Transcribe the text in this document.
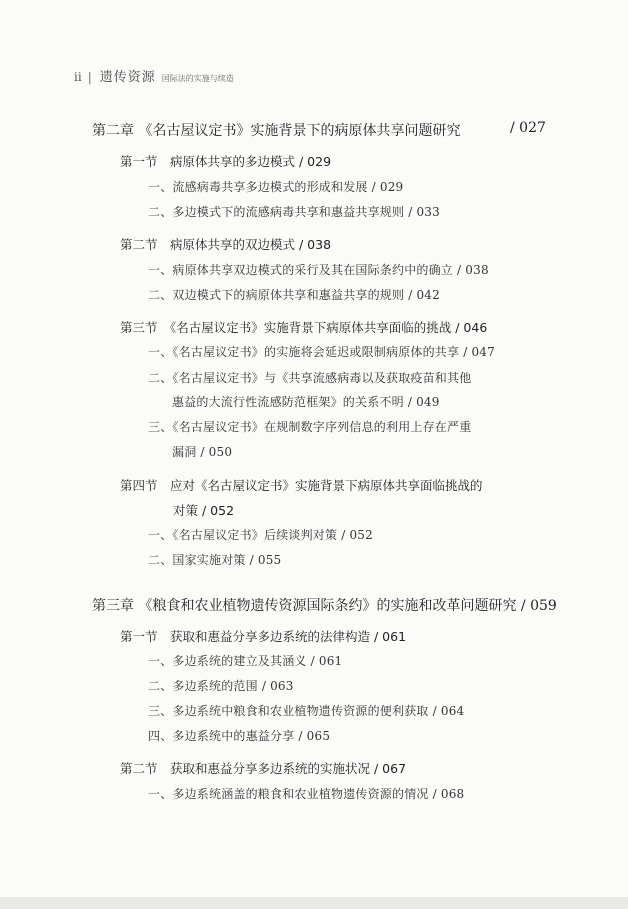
ii | 遗传资源 国际法的实施与续造
第二章 《名古屋议定书》实施背景下的病原体共享问题研究	/ 027
第一节　病原体共享的多边模式 / 029
一、流感病毒共享多边模式的形成和发展 / 029
二、多边模式下的流感病毒共享和惠益共享规则 / 033
第二节　病原体共享的双边模式 / 038
一、病原体共享双边模式的采行及其在国际条约中的确立 / 038
二、双边模式下的病原体共享和惠益共享的规则 / 042
第三节　《名古屋议定书》实施背景下病原体共享面临的挑战 / 046
一、《名古屋议定书》的实施将会延迟或限制病原体的共享 / 047
二、《名古屋议定书》与《共享流感病毒以及获取疫苗和其他
惠益的大流行性流感防范框架》的关系不明 / 049
三、《名古屋议定书》在规制数字序列信息的利用上存在严重
漏洞 / 050
第四节　应对《名古屋议定书》实施背景下病原体共享面临挑战的
对策 / 052
一、《名古屋议定书》后续谈判对策 / 052
二、国家实施对策 / 055
第三章 《粮食和农业植物遗传资源国际条约》的实施和改革问题研究 / 059
第一节　获取和惠益分享多边系统的法律构造 / 061
一、多边系统的建立及其涵义 / 061
二、多边系统的范围 / 063
三、多边系统中粮食和农业植物遗传资源的便利获取 / 064
四、多边系统中的惠益分享 / 065
第二节　获取和惠益分享多边系统的实施状况 / 067
一、多边系统涵盖的粮食和农业植物遗传资源的情况 / 068
